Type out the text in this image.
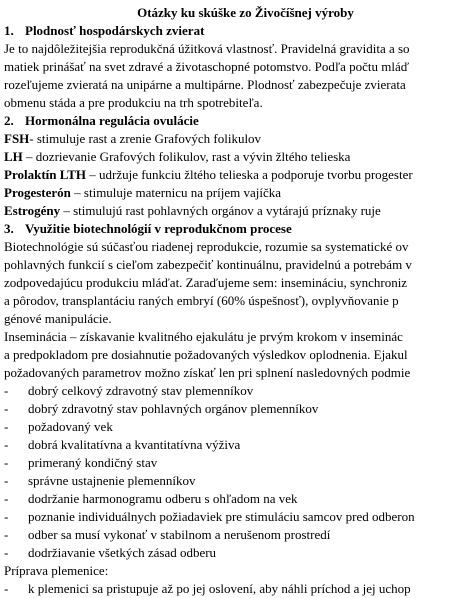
Otázky ku skúške zo Živočíšnej výroby
1. Plodnosť hospodárskych zvierat
Je to najdôležitejšia reprodukčná úžitková vlastnosť. Pravidelná gravidita a so
matiek prinášať na svet zdravé a životaschopné potomstvo. Podľa počtu mláď
rozeľujeme zvieratá na unipárne a multipárne. Plodnosť zabezpečuje zvierata
obmenu stáda a pre produkciu na trh spotrebiteľa.
2. Hormonálna regulácia ovulácie
FSH- stimuluje rast a zrenie Grafových folikulov
LH – dozrievanie Grafových folikulov, rast a vývin žltého telieska
Prolaktín LTH – udržuje funkciu žltého telieska a podporuje tvorbu progester
Progesterón – stimuluje maternicu na príjem vajíčka
Estrogény – stimulujú rast pohlavných orgánov a vytárajú príznaky ruje
3. Využitie biotechnológií v reprodukčnom procese
Biotechnológie sú súčasťou riadenej reprodukcie, rozumie sa systematické ov
pohlavných funkcií s cieľom zabezpečiť kontinuálnu, pravidelnú a potrebám v
zodpovedajúcu produkciu mláďat. Zaraďujeme sem: insemináciu, synchroniz
a pôrodov, transplantáciu raných embryí (60% úspešnosť), ovplyvňovanie p
génové manipulácie.
Inseminácia – získavanie kvalitného ejakulátu je prvým krokom v inseminác
a predpokladom pre dosiahnutie požadovaných výsledkov oplodnenia. Ejakul
požadovaných parametrov možno získať len pri splnení nasledovných podmie
- dobrý celkový zdravotný stav plemenníkov
- dobrý zdravotný stav pohlavných orgánov plemenníkov
- požadovaný vek
- dobrá kvalitatívna a kvantitatívna výživa
- primeraný kondičný stav
- správne ustajnenie plemenníkov
- dodržanie harmonogramu odberu s ohľadom na vek
- poznanie individuálnych požiadaviek pre stimuláciu samcov pred odberon
- odber sa musí vykonať v stabilnom a nerušenom prostredí
- dodržiavanie všetkých zásad odberu
Príprava plemenice:
- k plemenici sa pristupuje až po jej oslovení, aby náhli príchod a jej uchop
